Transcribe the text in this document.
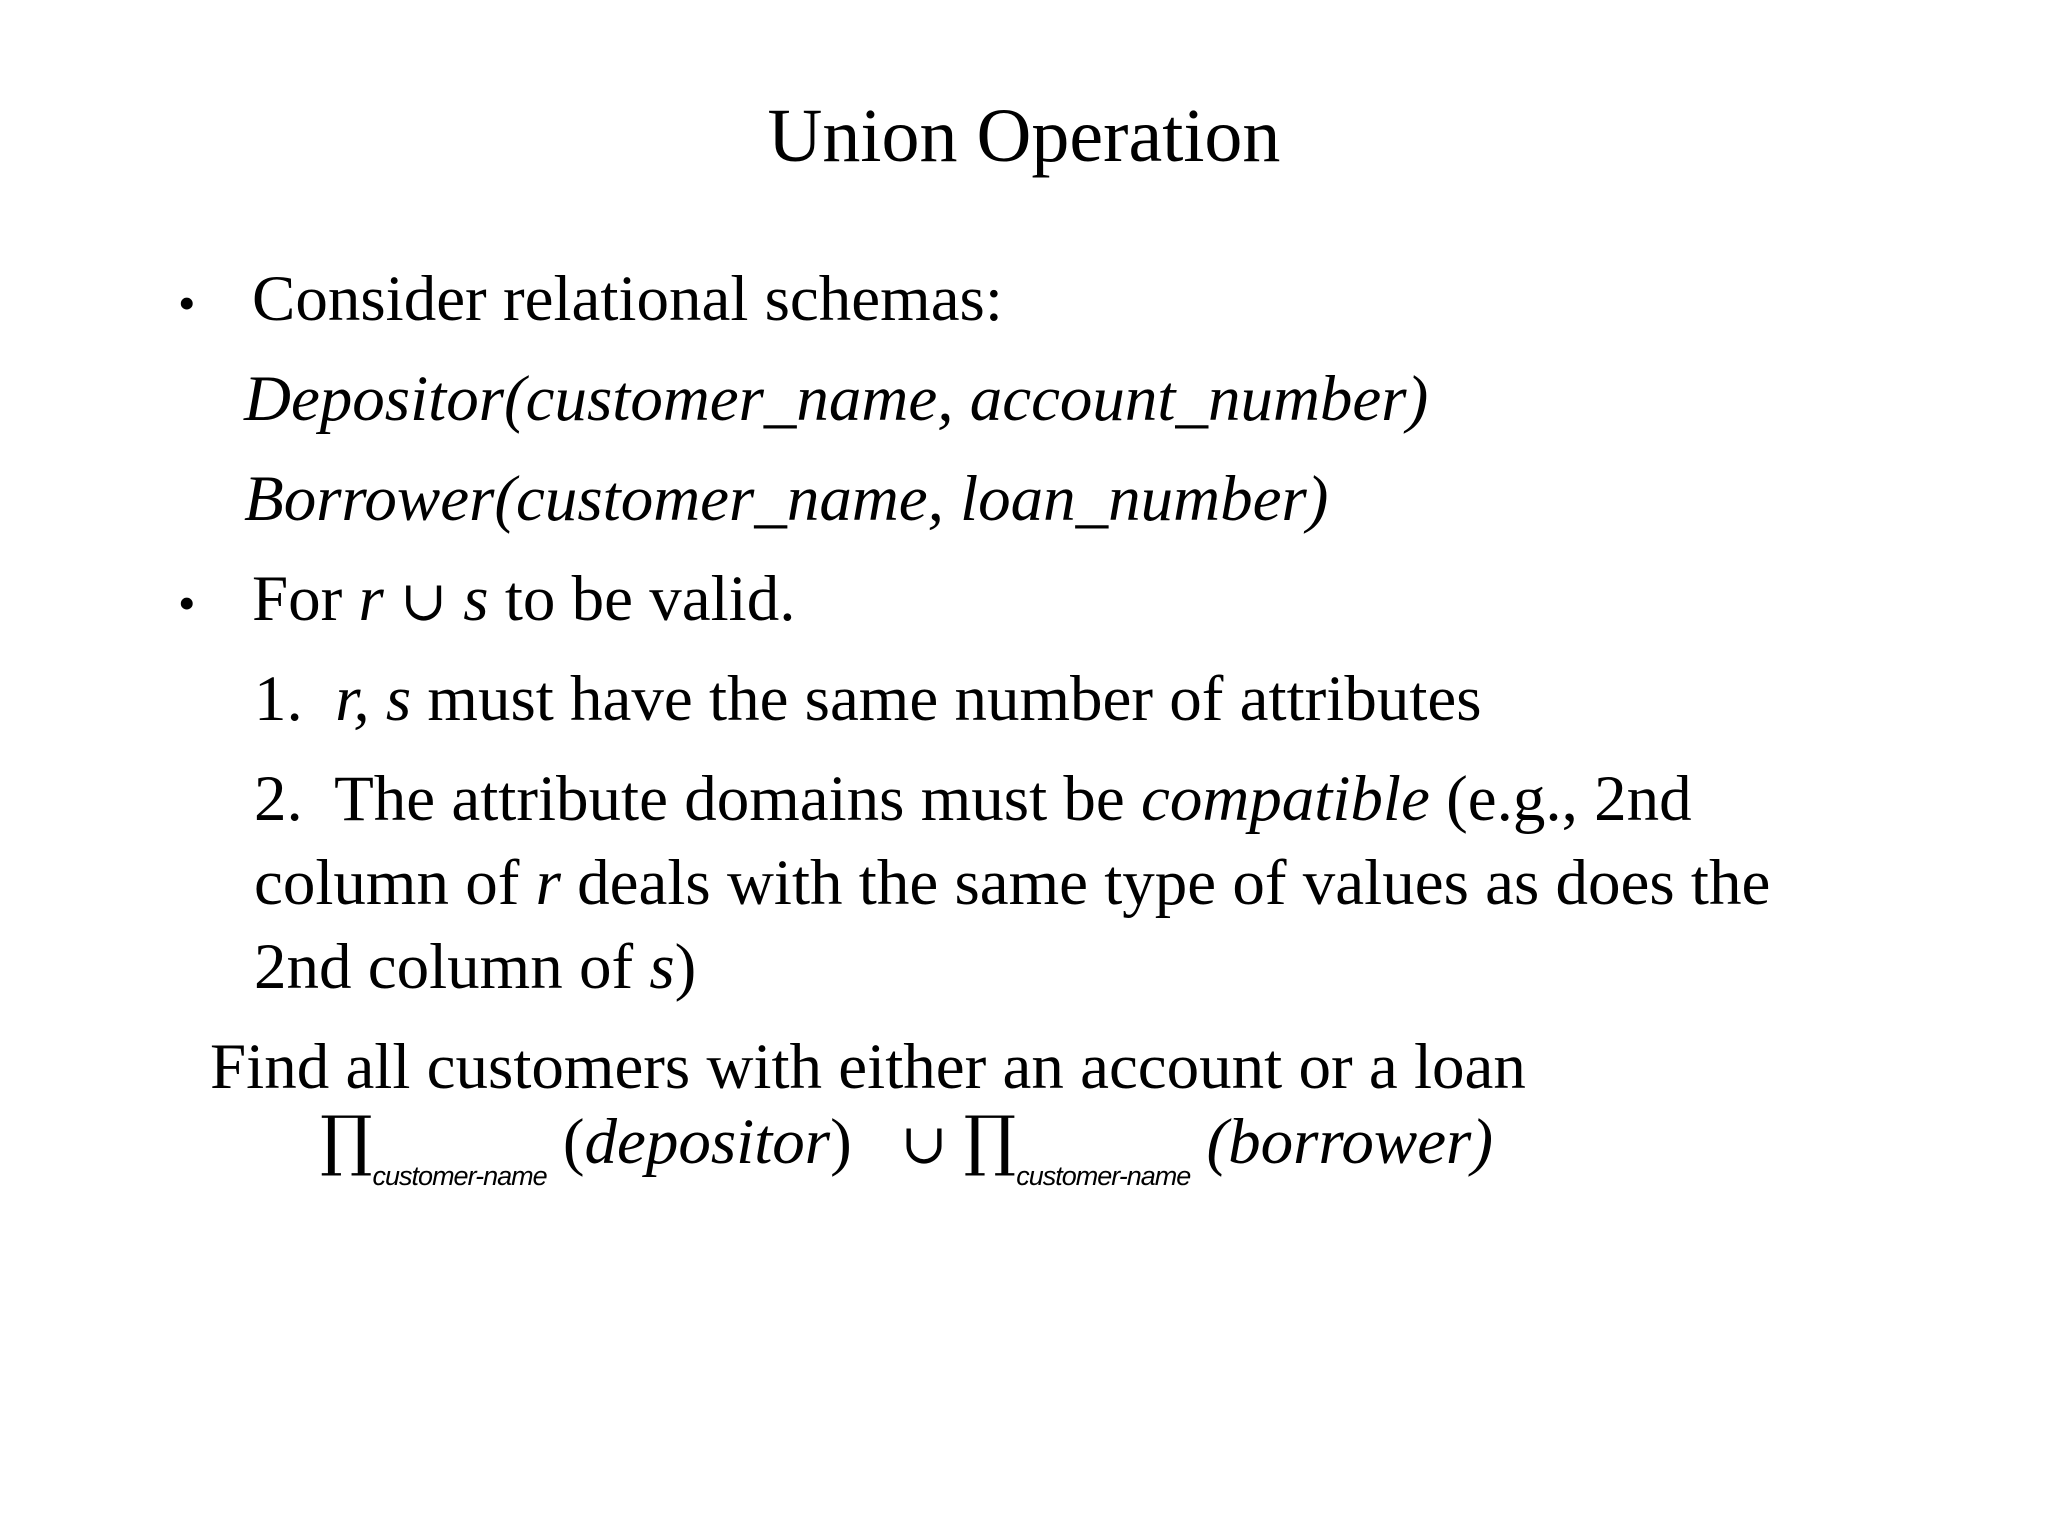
Union Operation
• Consider relational schemas:
Depositor(customer_name, account_number)
Borrower(customer_name, loan_number)
• For r ∪ s to be valid.
1. r, s must have the same number of attributes
2. The attribute domains must be compatible (e.g., 2nd
column of r deals with the same type of values as does the
2nd column of s)
Find all customers with either an account or a loan
$\prod_{customer-name}$ (depositor) ∪ $\prod_{customer-name}$ (borrower)
